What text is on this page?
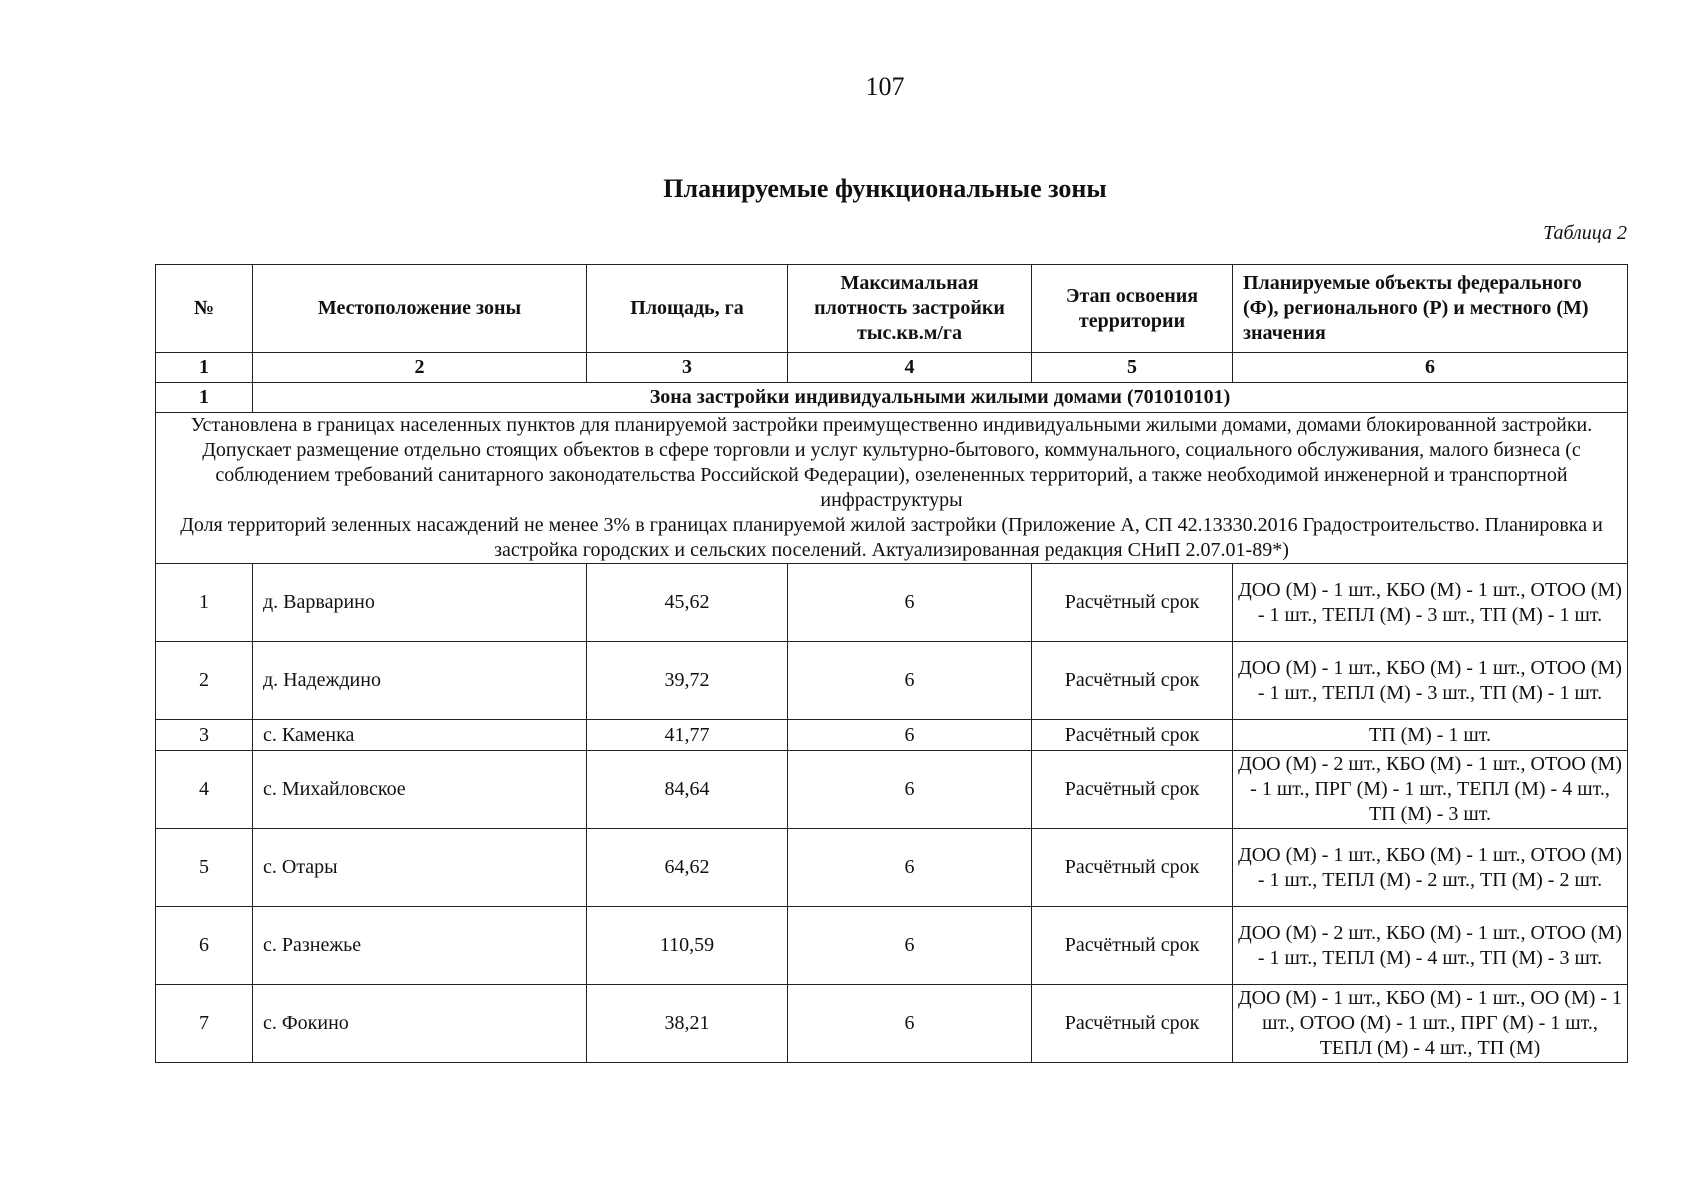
107
Планируемые функциональные зоны
Таблица 2
№	Местоположение зоны	Площадь, га	Максимальная плотность застройки тыс.кв.м/га	Этап освоения территории	Планируемые объекты федерального (Ф), регионального (Р) и местного (М) значения
1	2	3	4	5	6
1	Зона застройки индивидуальными жилыми домами (701010101)				

Установлена в границах населенных пунктов для планируемой застройки преимущественно индивидуальными жилыми домами, домами блокированной застройки. Допускает размещение отдельно стоящих объектов в сфере торговли и услуг культурно-бытового, коммунального, социального обслуживания, малого бизнеса (с соблюдением требований санитарного законодательства Российской Федерации), озелененных территорий, а также необходимой инженерной и транспортной инфраструктуры
Доля территорий зеленных насаждений не менее 3% в границах планируемой жилой застройки (Приложение А, СП 42.13330.2016 Градостроительство. Планировка и застройка городских и сельских поселений. Актуализированная редакция СНиП 2.07.01-89*)					

1	д. Варварино	45,62	6	Расчётный срок	ДОО (М) - 1 шт., КБО (М) - 1 шт., ОТОО (М) - 1 шт., ТЕПЛ (М) - 3 шт., ТП (М) - 1 шт.
2	д. Надеждино	39,72	6	Расчётный срок	ДОО (М) - 1 шт., КБО (М) - 1 шт., ОТОО (М) - 1 шт., ТЕПЛ (М) - 3 шт., ТП (М) - 1 шт.
3	с. Каменка	41,77	6	Расчётный срок	ТП (М) - 1 шт.
4	с. Михайловское	84,64	6	Расчётный срок	ДОО (М) - 2 шт., КБО (М) - 1 шт., ОТОО (М) - 1 шт., ПРГ (М) - 1 шт., ТЕПЛ (М) - 4 шт., ТП (М) - 3 шт.
5	с. Отары	64,62	6	Расчётный срок	ДОО (М) - 1 шт., КБО (М) - 1 шт., ОТОО (М) - 1 шт., ТЕПЛ (М) - 2 шт., ТП (М) - 2 шт.
6	с. Разнежье	110,59	6	Расчётный срок	ДОО (М) - 2 шт., КБО (М) - 1 шт., ОТОО (М) - 1 шт., ТЕПЛ (М) - 4 шт., ТП (М) - 3 шт.
7	с. Фокино	38,21	6	Расчётный срок	ДОО (М) - 1 шт., КБО (М) - 1 шт., ОО (М) - 1 шт., ОТОО (М) - 1 шт., ПРГ (М) - 1 шт., ТЕПЛ (М) - 4 шт., ТП (М)
